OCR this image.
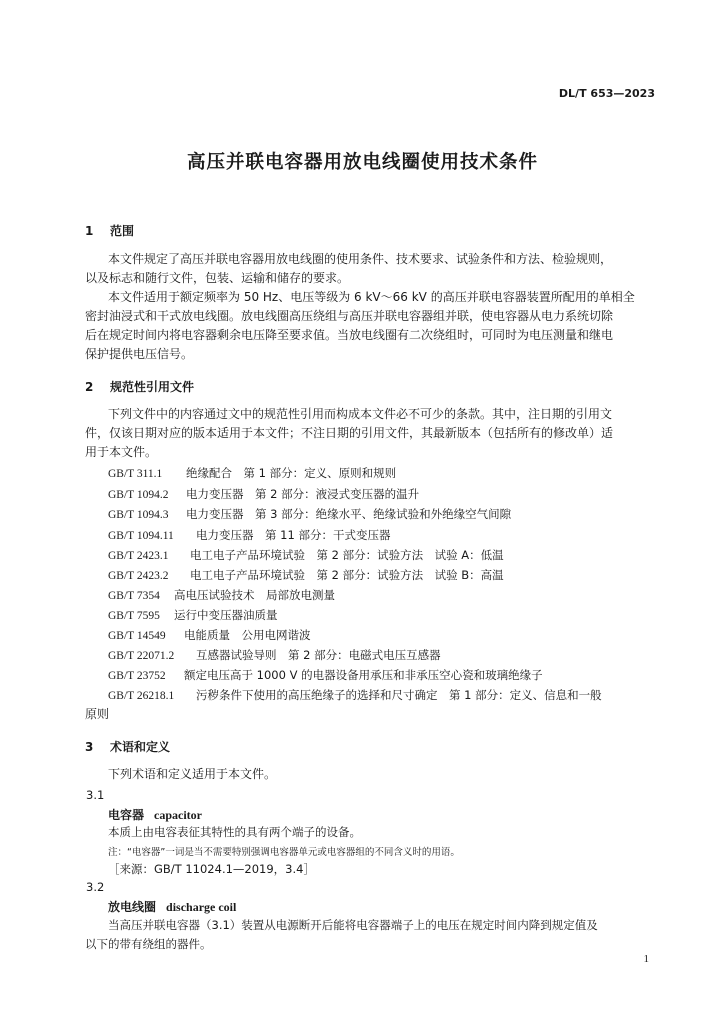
DL/T 653—2023
高压并联电容器用放电线圈使用技术条件
1 范围
本文件规定了高压并联电容器用放电线圈的使用条件、技术要求、试验条件和方法、检验规则，
以及标志和随行文件，包装、运输和储存的要求。
本文件适用于额定频率为 50 Hz、电压等级为 6 kV～66 kV 的高压并联电容器装置所配用的单相全
密封油浸式和干式放电线圈。放电线圈高压绕组与高压并联电容器组并联，使电容器从电力系统切除
后在规定时间内将电容器剩余电压降至要求值。当放电线圈有二次绕组时，可同时为电压测量和继电
保护提供电压信号。
2 规范性引用文件
下列文件中的内容通过文中的规范性引用而构成本文件必不可少的条款。其中，注日期的引用文
件，仅该日期对应的版本适用于本文件；不注日期的引用文件，其最新版本（包括所有的修改单）适
用于本文件。
GB/T 311.1 绝缘配合　第 1 部分：定义、原则和规则
GB/T 1094.2 电力变压器　第 2 部分：液浸式变压器的温升
GB/T 1094.3 电力变压器　第 3 部分：绝缘水平、绝缘试验和外绝缘空气间隙
GB/T 1094.11 电力变压器　第 11 部分：干式变压器
GB/T 2423.1 电工电子产品环境试验　第 2 部分：试验方法　试验 A：低温
GB/T 2423.2 电工电子产品环境试验　第 2 部分：试验方法　试验 B：高温
GB/T 7354 高电压试验技术　局部放电测量
GB/T 7595 运行中变压器油质量
GB/T 14549 电能质量　公用电网谐波
GB/T 22071.2 互感器试验导则　第 2 部分：电磁式电压互感器
GB/T 23752 额定电压高于 1000 V 的电器设备用承压和非承压空心瓷和玻璃绝缘子
GB/T 26218.1 污秽条件下使用的高压绝缘子的选择和尺寸确定　第 1 部分：定义、信息和一般
原则
3 术语和定义
下列术语和定义适用于本文件。
3.1
电容器 capacitor
本质上由电容表征其特性的具有两个端子的设备。
注：“电容器”一词是当不需要特别强调电容器单元或电容器组的不同含义时的用语。
［来源：GB/T 11024.1—2019，3.4］
3.2
放电线圈 discharge coil
当高压并联电容器（3.1）装置从电源断开后能将电容器端子上的电压在规定时间内降到规定值及
以下的带有绕组的器件。
1
